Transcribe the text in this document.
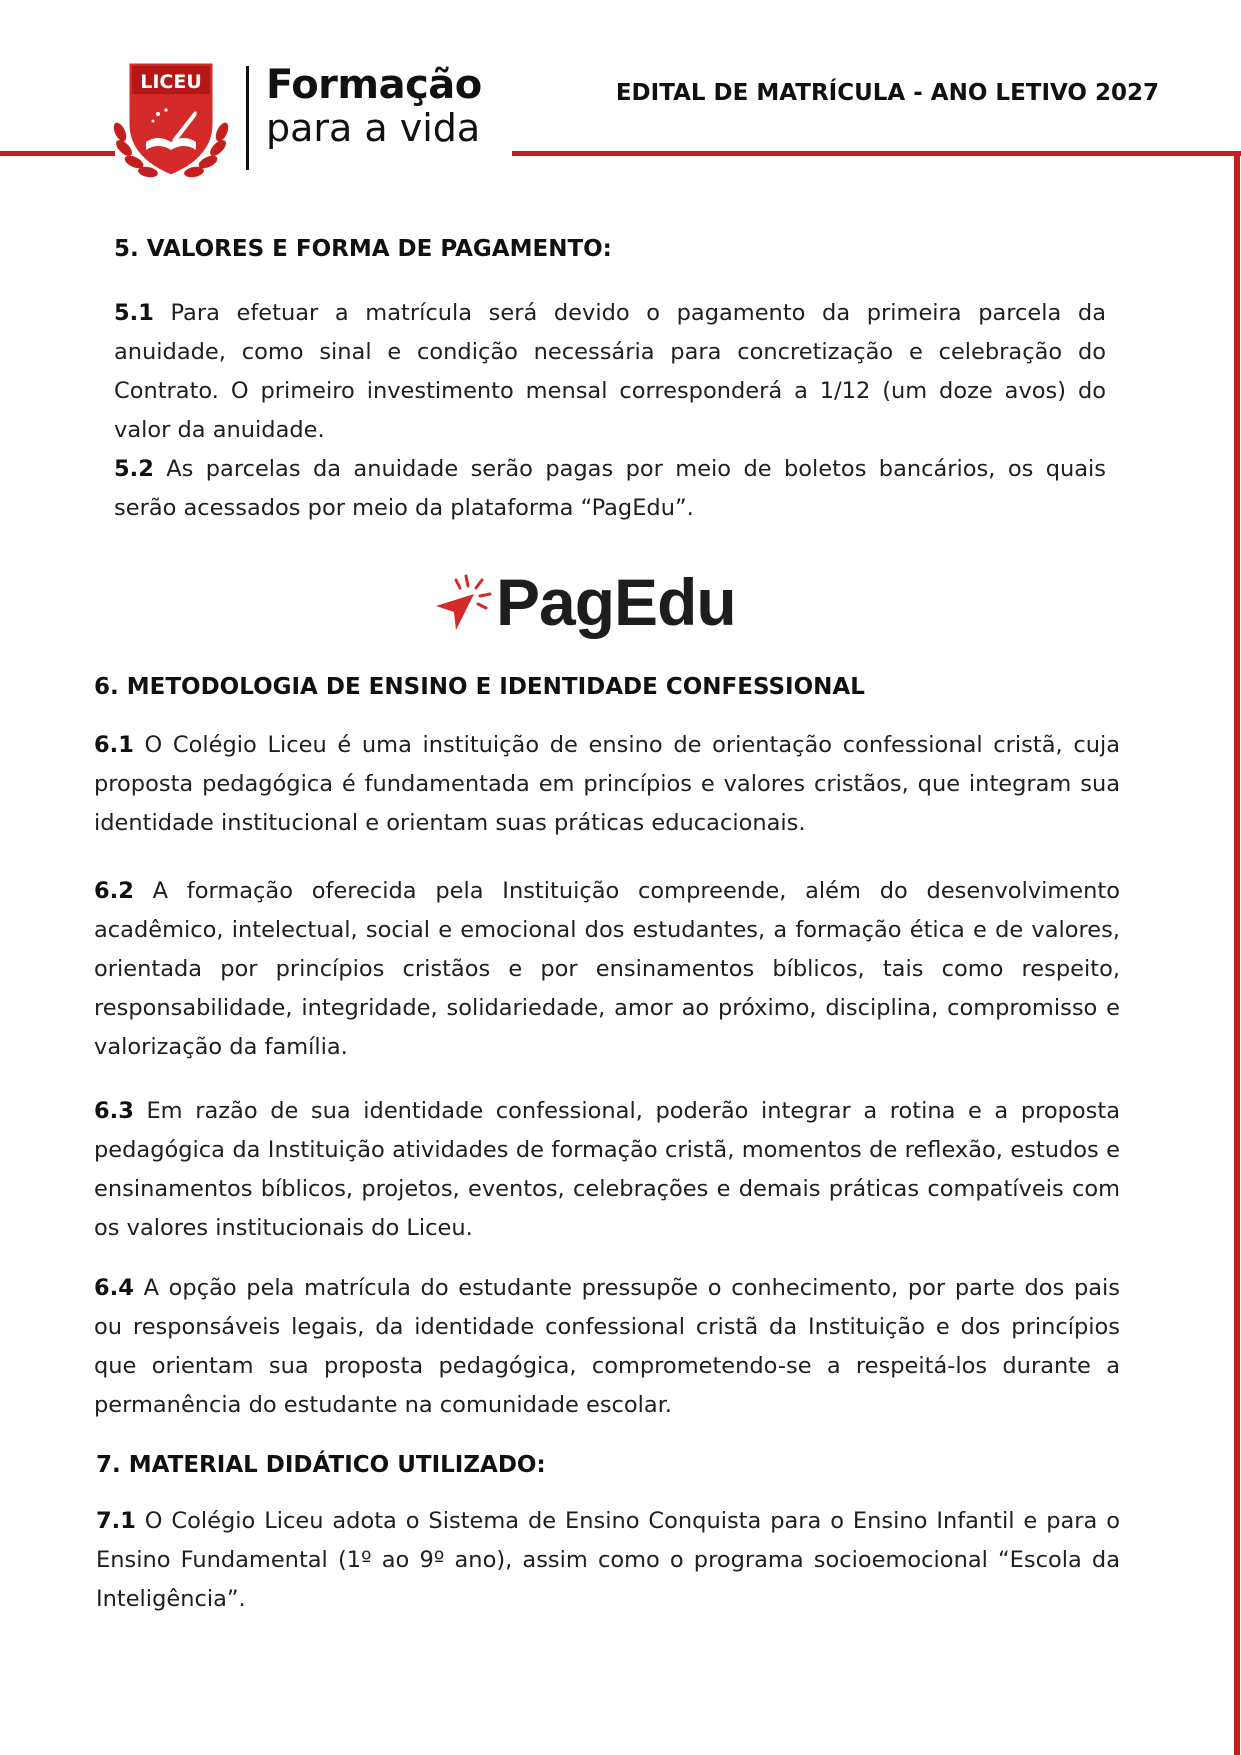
LICEU Formação
para a vida
EDITAL DE MATRÍCULA - ANO LETIVO 2027
5. VALORES E FORMA DE PAGAMENTO:
5.1 Para efetuar a matrícula será devido o pagamento da primeira parcela da anuidade, como sinal e condição necessária para concretização e celebração do Contrato. O primeiro investimento mensal corresponderá a 1/12 (um doze avos) do valor da anuidade.
5.2 As parcelas da anuidade serão pagas por meio de boletos bancários, os quais serão acessados por meio da plataforma “PagEdu”.
PagEdu
6. METODOLOGIA DE ENSINO E IDENTIDADE CONFESSIONAL
6.1 O Colégio Liceu é uma instituição de ensino de orientação confessional cristã, cuja proposta pedagógica é fundamentada em princípios e valores cristãos, que integram sua identidade institucional e orientam suas práticas educacionais.
6.2 A formação oferecida pela Instituição compreende, além do desenvolvimento acadêmico, intelectual, social e emocional dos estudantes, a formação ética e de valores, orientada por princípios cristãos e por ensinamentos bíblicos, tais como respeito, responsabilidade, integridade, solidariedade, amor ao próximo, disciplina, compromisso e valorização da família.
6.3 Em razão de sua identidade confessional, poderão integrar a rotina e a proposta pedagógica da Instituição atividades de formação cristã, momentos de reflexão, estudos e ensinamentos bíblicos, projetos, eventos, celebrações e demais práticas compatíveis com os valores institucionais do Liceu.
6.4 A opção pela matrícula do estudante pressupõe o conhecimento, por parte dos pais ou responsáveis legais, da identidade confessional cristã da Instituição e dos princípios que orientam sua proposta pedagógica, comprometendo-se a respeitá-los durante a permanência do estudante na comunidade escolar.
7. MATERIAL DIDÁTICO UTILIZADO:
7.1 O Colégio Liceu adota o Sistema de Ensino Conquista para o Ensino Infantil e para o Ensino Fundamental (1º ao 9º ano), assim como o programa socioemocional “Escola da Inteligência”.
